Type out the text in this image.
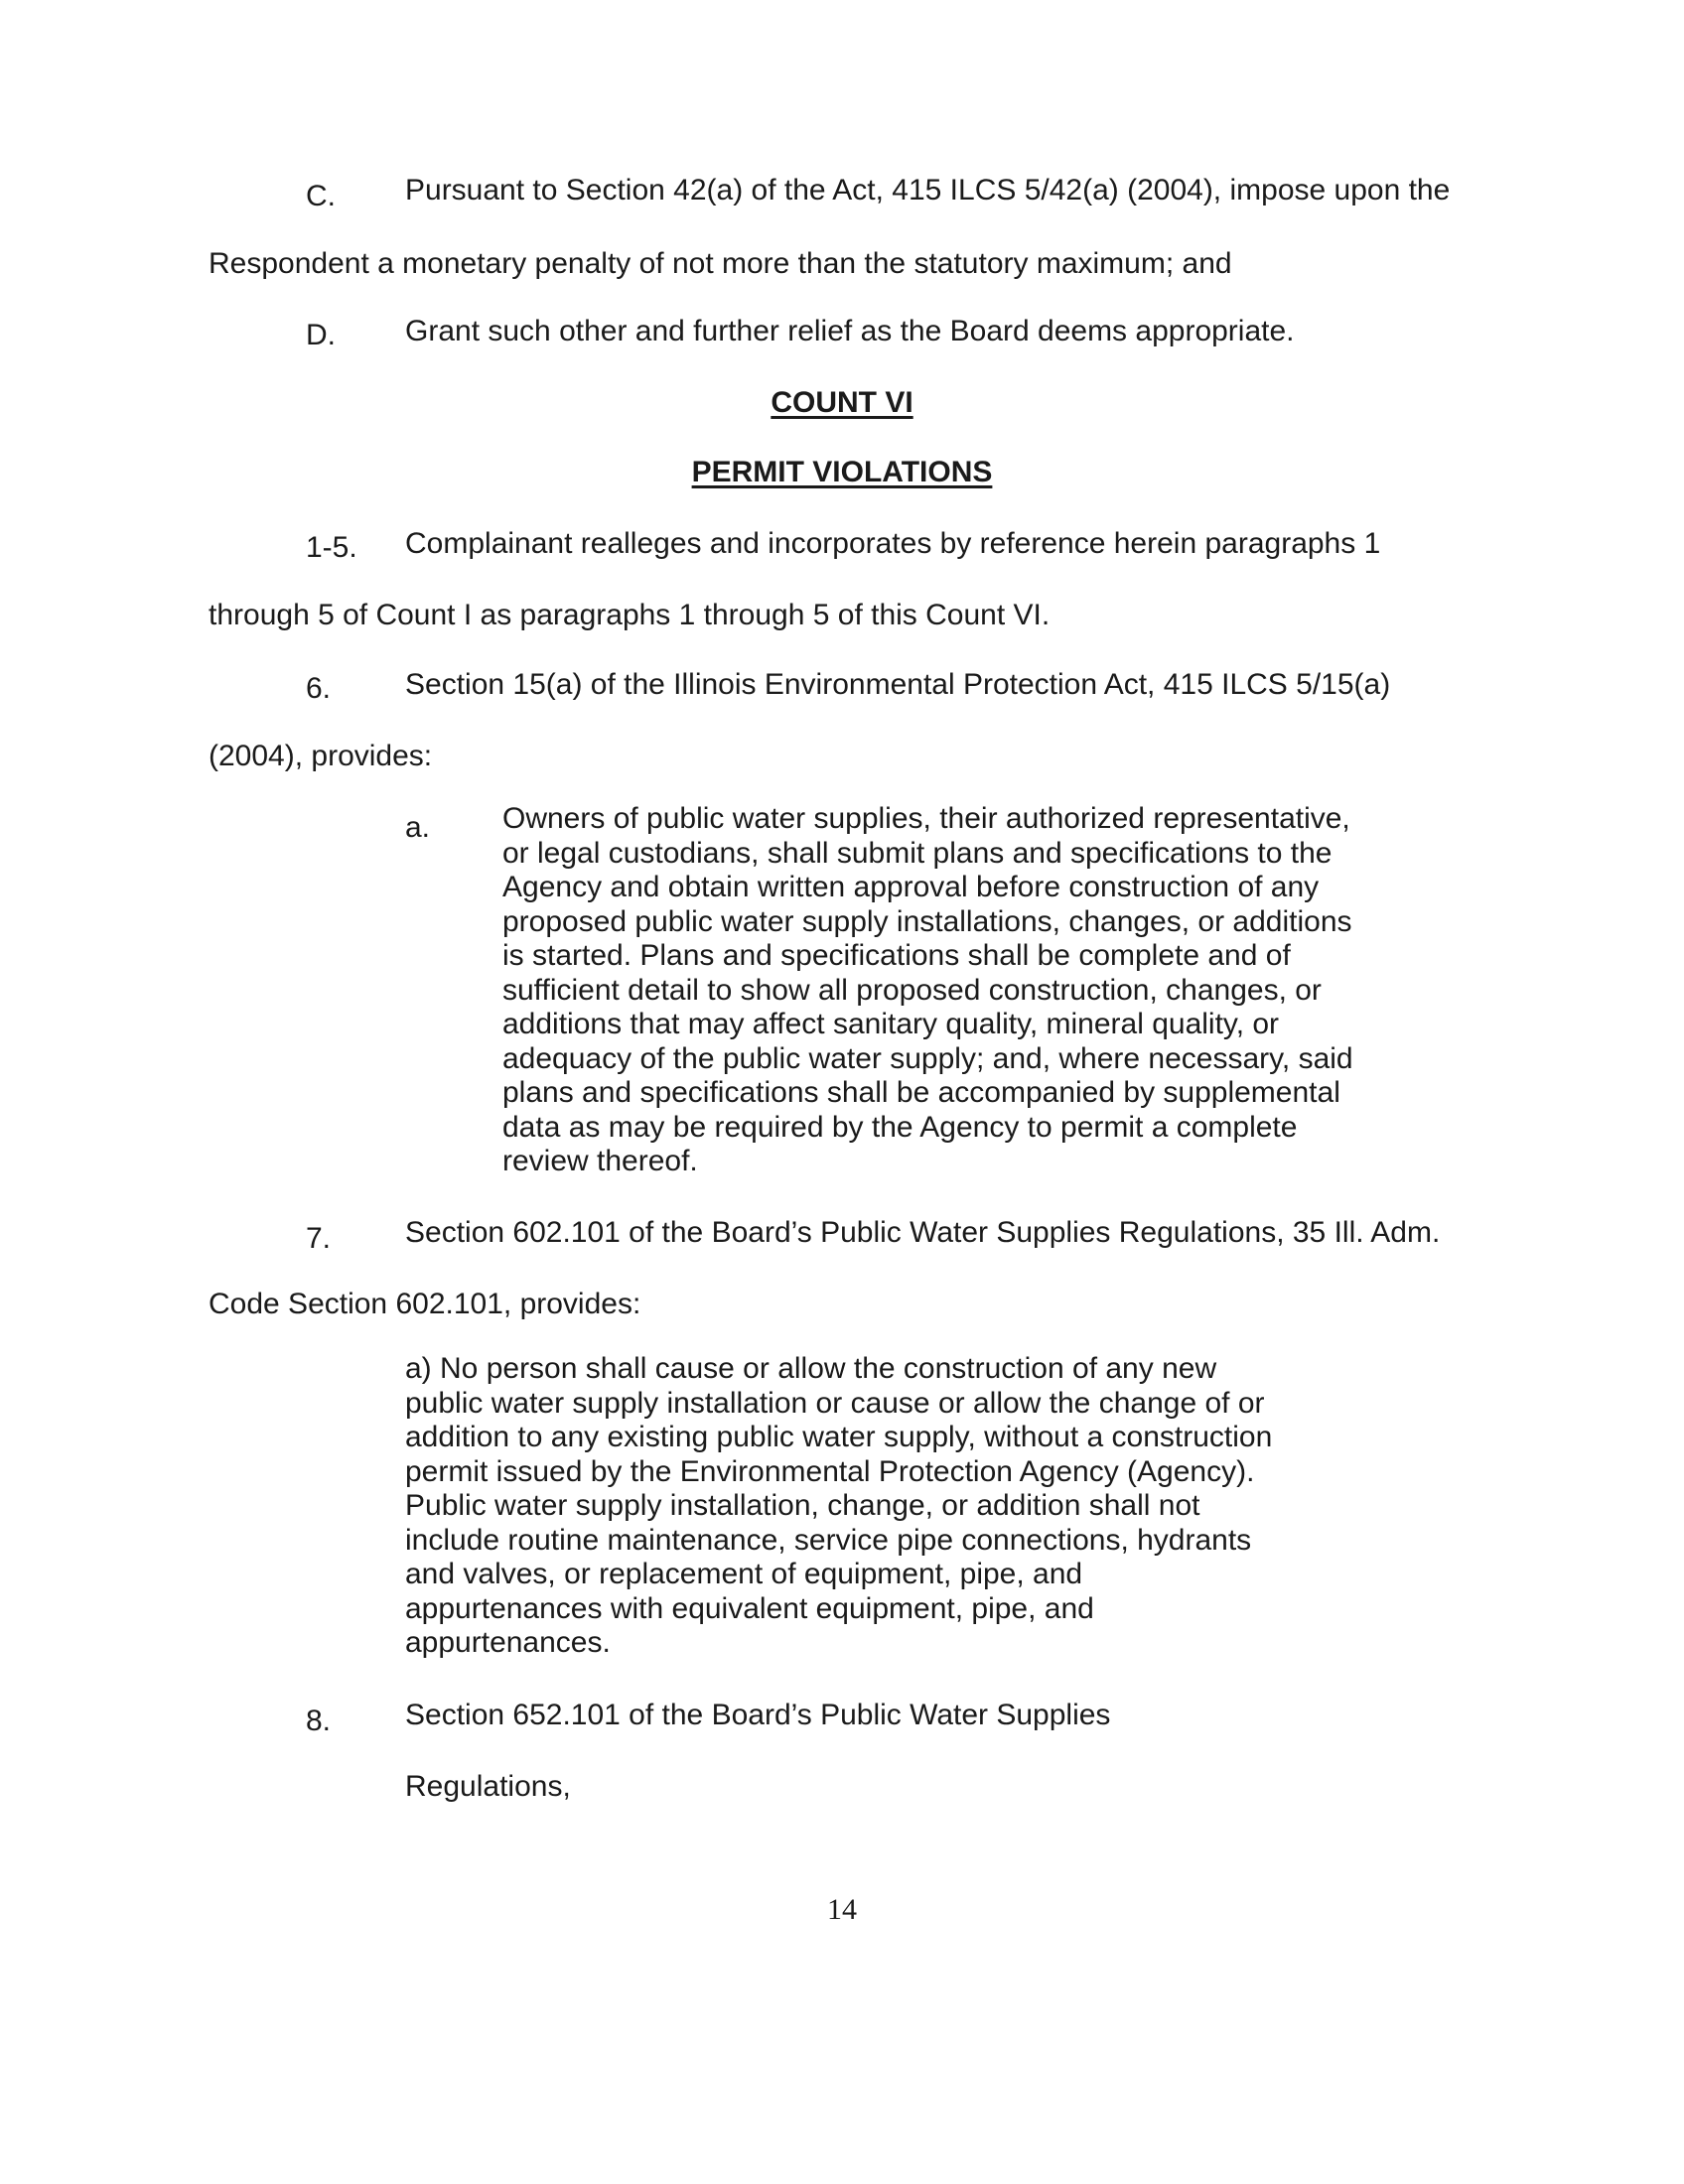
C. Pursuant to Section 42(a) of the Act, 415 ILCS 5/42(a) (2004), impose upon the
Respondent a monetary penalty of not more than the statutory maximum; and
D. Grant such other and further relief as the Board deems appropriate.
COUNT VI
PERMIT VIOLATIONS
1-5. Complainant realleges and incorporates by reference herein paragraphs 1
through 5 of Count I as paragraphs 1 through 5 of this Count VI.
6. Section 15(a) of the Illinois Environmental Protection Act, 415 ILCS 5/15(a)
(2004), provides:
a. Owners of public water supplies, their authorized representative,
or legal custodians, shall submit plans and specifications to the
Agency and obtain written approval before construction of any
proposed public water supply installations, changes, or additions
is started. Plans and specifications shall be complete and of
sufficient detail to show all proposed construction, changes, or
additions that may affect sanitary quality, mineral quality, or
adequacy of the public water supply; and, where necessary, said
plans and specifications shall be accompanied by supplemental
data as may be required by the Agency to permit a complete
review thereof.
7. Section 602.101 of the Board’s Public Water Supplies Regulations, 35 Ill. Adm.
Code Section 602.101, provides:
a) No person shall cause or allow the construction of any new
public water supply installation or cause or allow the change of or
addition to any existing public water supply, without a construction
permit issued by the Environmental Protection Agency (Agency).
Public water supply installation, change, or addition shall not
include routine maintenance, service pipe connections, hydrants
and valves, or replacement of equipment, pipe, and
appurtenances with equivalent equipment, pipe, and
appurtenances.
8. Section 652.101 of the Board’s Public Water Supplies
Regulations,
14
